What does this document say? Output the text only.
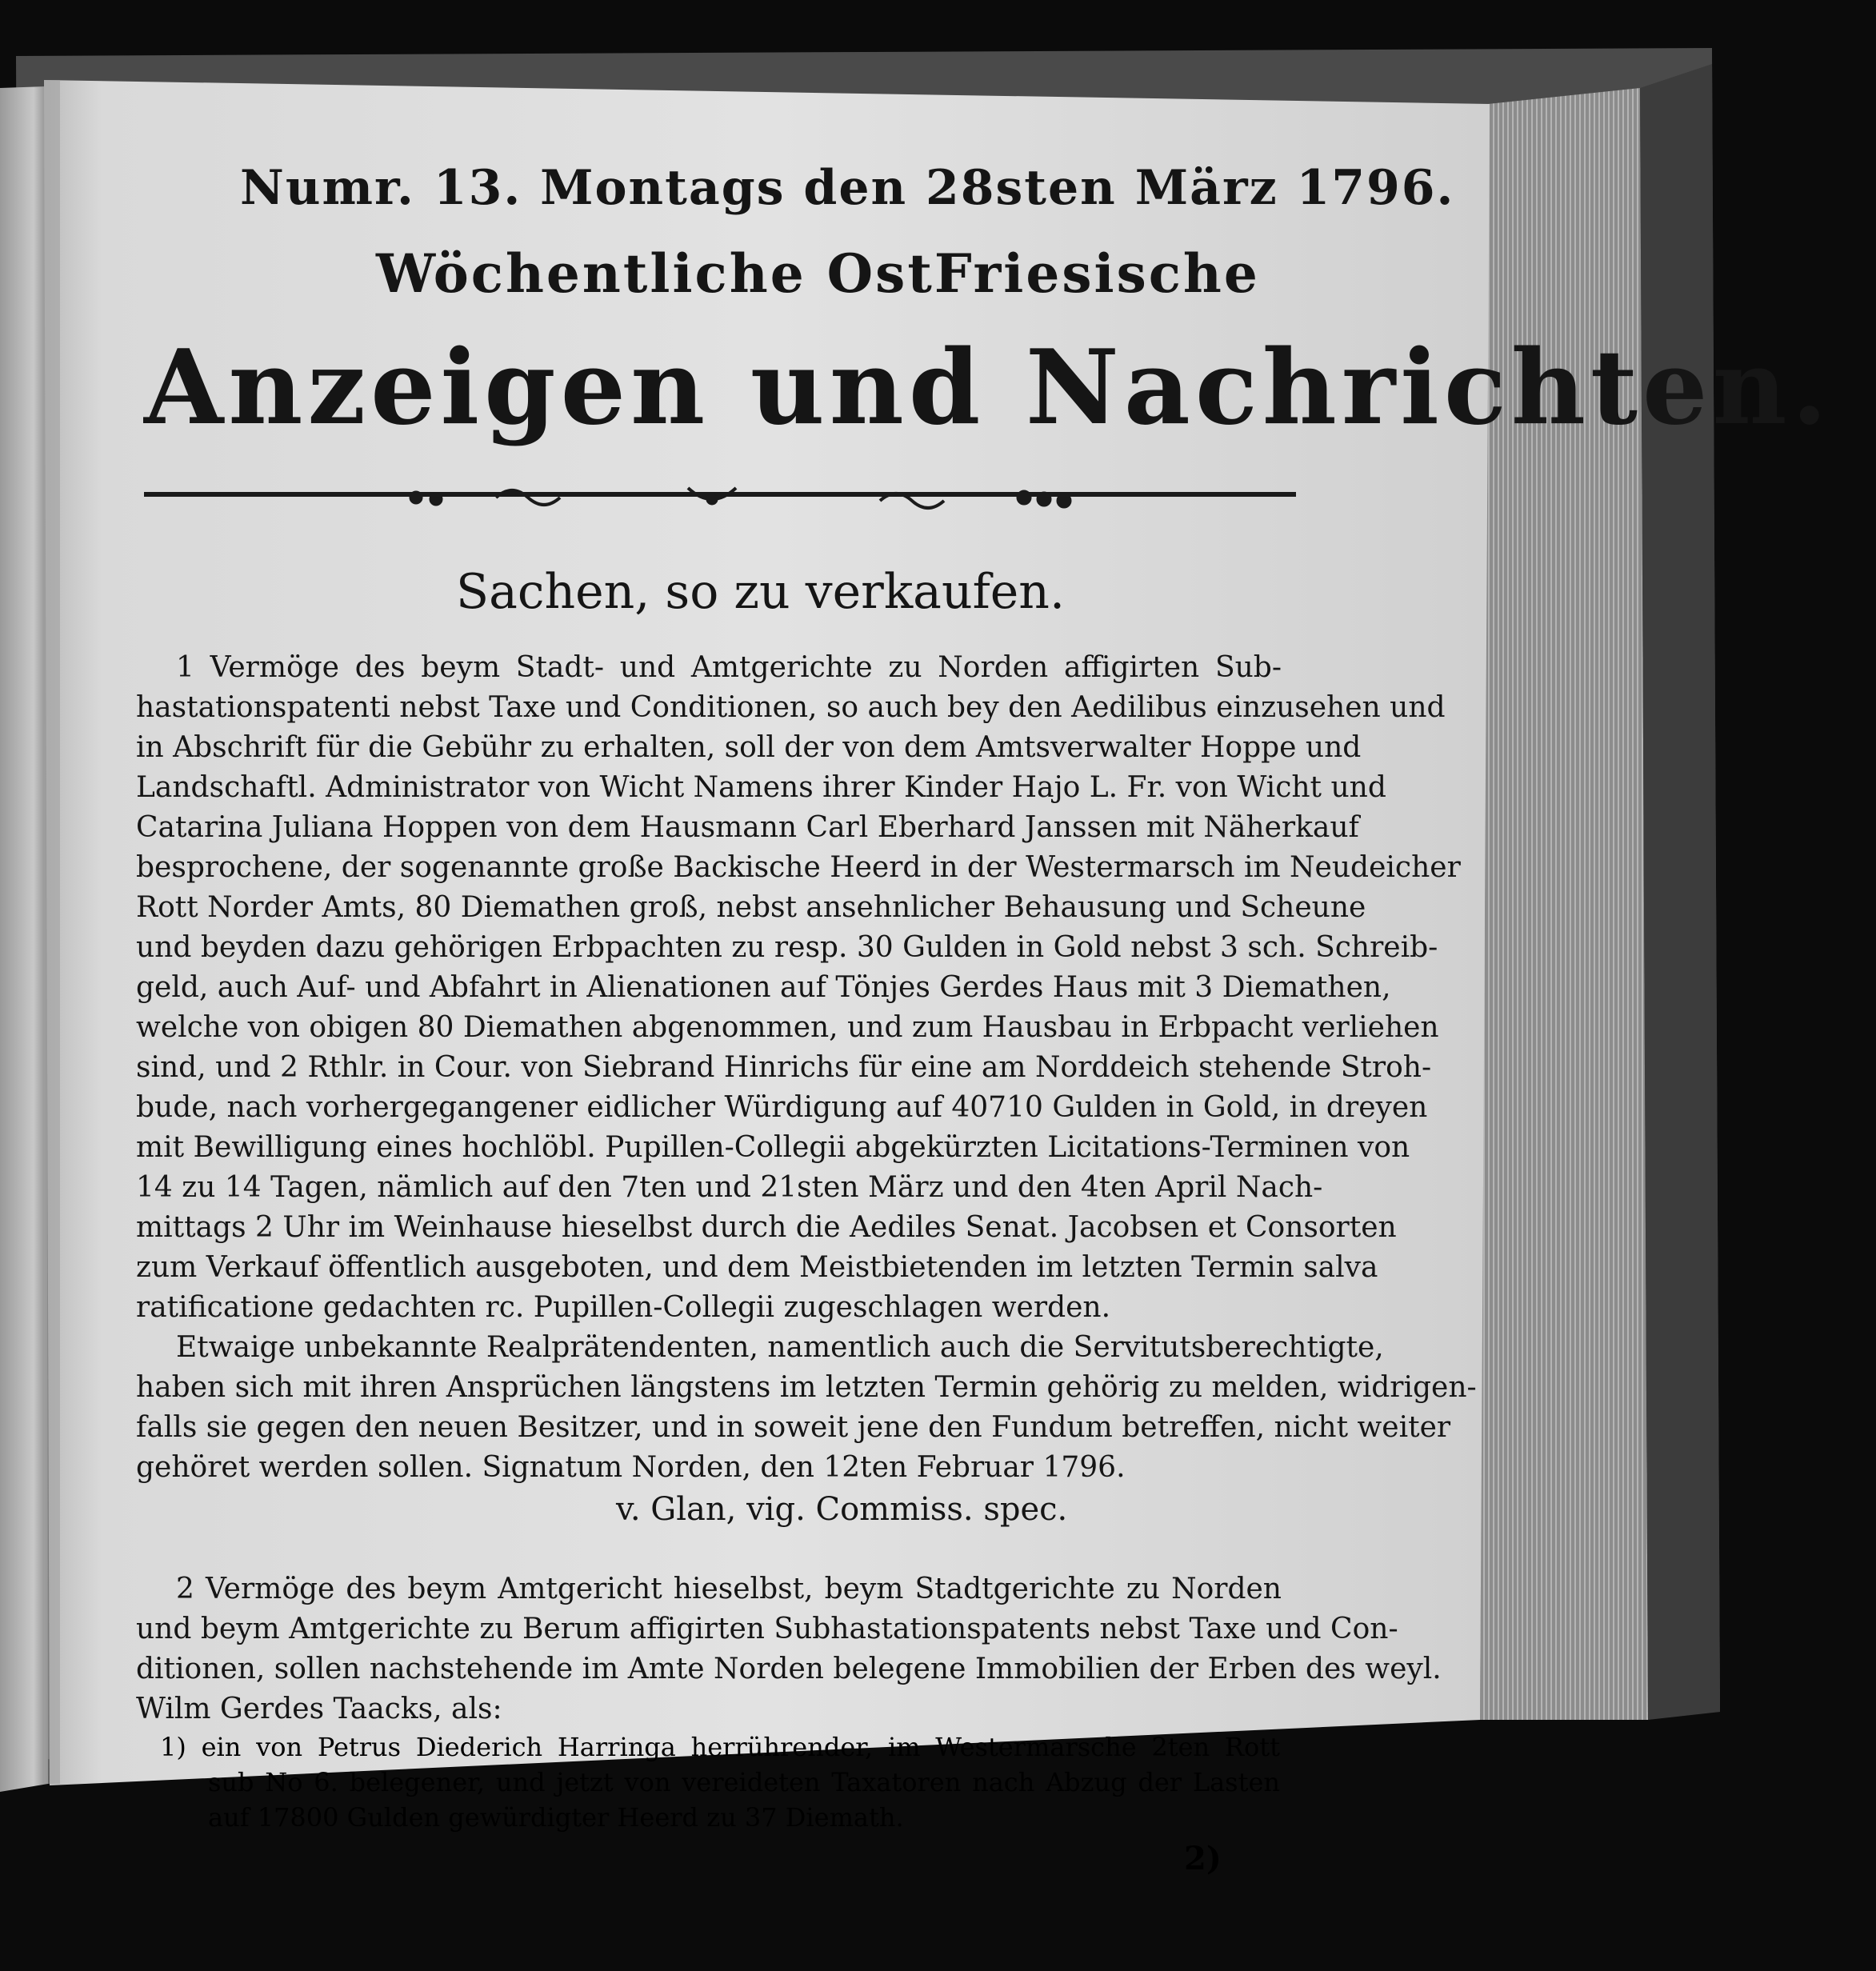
Numr. 13. Montags den 28sten März 1796.
Wöchentliche OstFriesische
Anzeigen und Nachrichten.
Sachen, so zu verkaufen.
1 Vermöge des beym Stadt- und Amtgerichte zu Norden affigirten Sub-
hastationspatenti nebst Taxe und Conditionen, so auch bey den Aedilibus einzusehen und
in Abschrift für die Gebühr zu erhalten, soll der von dem Amtsverwalter Hoppe und
Landschaftl. Administrator von Wicht Namens ihrer Kinder Hajo L. Fr. von Wicht und
Catarina Juliana Hoppen von dem Hausmann Carl Eberhard Janssen mit Näherkauf
besprochene, der sogenannte große Backische Heerd in der Westermarsch im Neudeicher
Rott Norder Amts, 80 Diemathen groß, nebst ansehnlicher Behausung und Scheune
und beyden dazu gehörigen Erbpachten zu resp. 30 Gulden in Gold nebst 3 sch. Schreib-
geld, auch Auf- und Abfahrt in Alienationen auf Tönjes Gerdes Haus mit 3 Diemathen,
welche von obigen 80 Diemathen abgenommen, und zum Hausbau in Erbpacht verliehen
sind, und 2 Rthlr. in Cour. von Siebrand Hinrichs für eine am Norddeich stehende Stroh-
bude, nach vorhergegangener eidlicher Würdigung auf 40710 Gulden in Gold, in dreyen
mit Bewilligung eines hochlöbl. Pupillen-Collegii abgekürzten Licitations-Terminen von
14 zu 14 Tagen, nämlich auf den 7ten und 21sten März und den 4ten April Nach-
mittags 2 Uhr im Weinhause hieselbst durch die Aediles Senat. Jacobsen et Consorten
zum Verkauf öffentlich ausgeboten, und dem Meistbietenden im letzten Termin salva
ratificatione gedachten rc. Pupillen-Collegii zugeschlagen werden.
Etwaige unbekannte Realprätendenten, namentlich auch die Servitutsberechtigte,
haben sich mit ihren Ansprüchen längstens im letzten Termin gehörig zu melden, widrigen-
falls sie gegen den neuen Besitzer, und in soweit jene den Fundum betreffen, nicht weiter
gehöret werden sollen. Signatum Norden, den 12ten Februar 1796.
v. Glan, vig. Commiss. spec.
2 Vermöge des beym Amtgericht hieselbst, beym Stadtgerichte zu Norden
und beym Amtgerichte zu Berum affigirten Subhastationspatents nebst Taxe und Con-
ditionen, sollen nachstehende im Amte Norden belegene Immobilien der Erben des weyl.
Wilm Gerdes Taacks, als:
1) ein von Petrus Diederich Harringa herrührender, im Westermarsche 2ten Rott
sub No 6. belegener, und jetzt von vereideten Taxatoren nach Abzug der Lasten
auf 17800 Gulden gewürdigter Heerd zu 37 Diemath.
2)
